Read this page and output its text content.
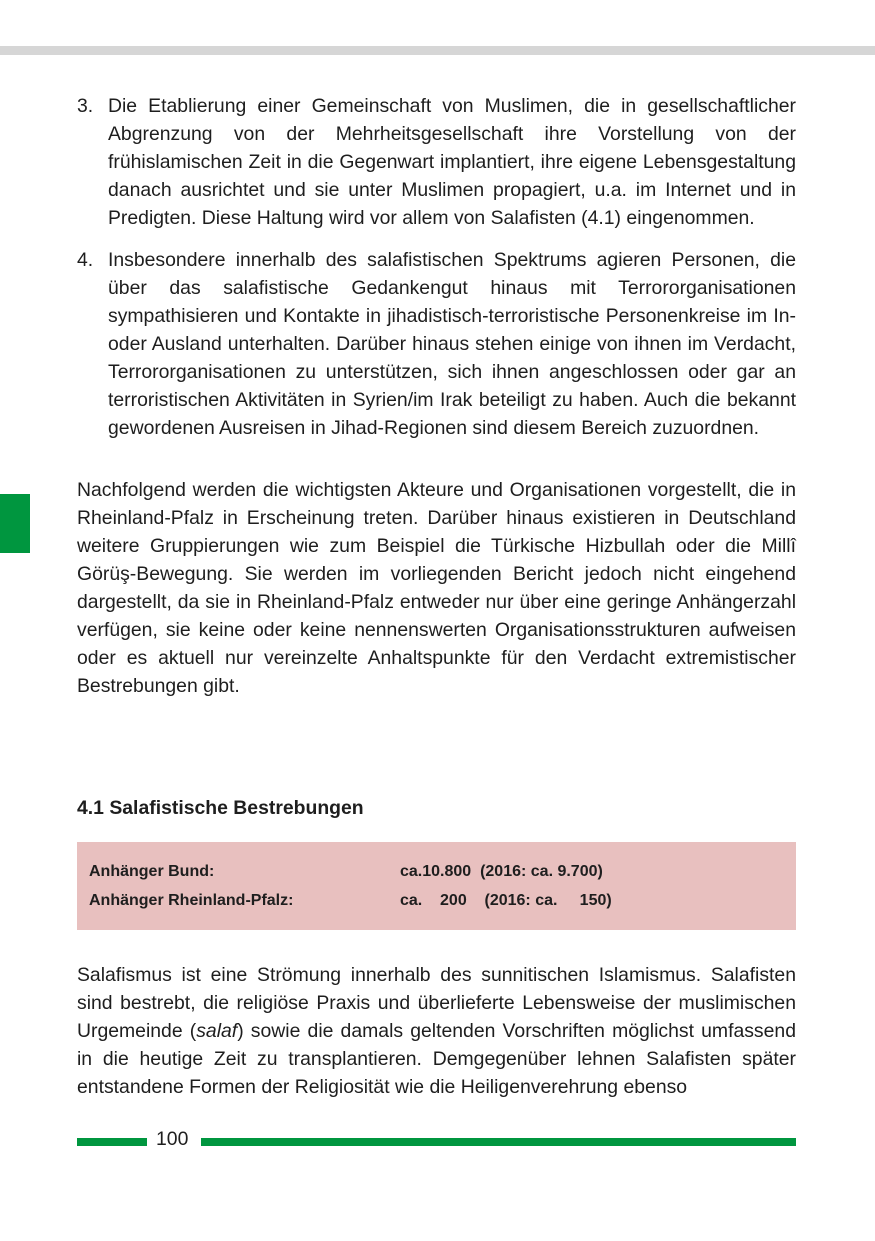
3. Die Etablierung einer Gemeinschaft von Muslimen, die in gesellschaftlicher Abgrenzung von der Mehrheitsgesellschaft ihre Vorstellung von der frühislamischen Zeit in die Gegenwart implantiert, ihre eigene Lebensgestaltung danach ausrichtet und sie unter Muslimen propagiert, u.a. im Internet und in Predigten. Diese Haltung wird vor allem von Salafisten (4.1) eingenommen.
4. Insbesondere innerhalb des salafistischen Spektrums agieren Personen, die über das salafistische Gedankengut hinaus mit Terrororganisationen sympathisieren und Kontakte in jihadistisch-terroristische Personenkreise im In- oder Ausland unterhalten. Darüber hinaus stehen einige von ihnen im Verdacht, Terrororganisationen zu unterstützen, sich ihnen angeschlossen oder gar an terroristischen Aktivitäten in Syrien/im Irak beteiligt zu haben. Auch die bekannt gewordenen Ausreisen in Jihad-Regionen sind diesem Bereich zuzuordnen.

Nachfolgend werden die wichtigsten Akteure und Organisationen vorgestellt, die in Rheinland-Pfalz in Erscheinung treten. Darüber hinaus existieren in Deutschland weitere Gruppierungen wie zum Beispiel die Türkische Hizbullah oder die Millî Görüş-Bewegung. Sie werden im vorliegenden Bericht jedoch nicht eingehend dargestellt, da sie in Rheinland-Pfalz entweder nur über eine geringe Anhängerzahl verfügen, sie keine oder keine nennenswerten Organisationsstrukturen aufweisen oder es aktuell nur vereinzelte Anhaltspunkte für den Verdacht extremistischer Bestrebungen gibt.

4.1 Salafistische Bestrebungen

Anhänger Bund:

	ca.10.800  (2016: ca. 9.700)

Anhänger Rheinland-Pfalz:

	ca.    200    (2016: ca.     150)

Salafismus ist eine Strömung innerhalb des sunnitischen Islamismus. Salafisten sind bestrebt, die religiöse Praxis und überlieferte Lebensweise der muslimischen Urgemeinde (salaf) sowie die damals geltenden Vorschriften möglichst umfassend in die heutige Zeit zu transplantieren. Demgegenüber lehnen Salafisten später entstandene Formen der Religiosität wie die Heiligenverehrung ebenso

100
